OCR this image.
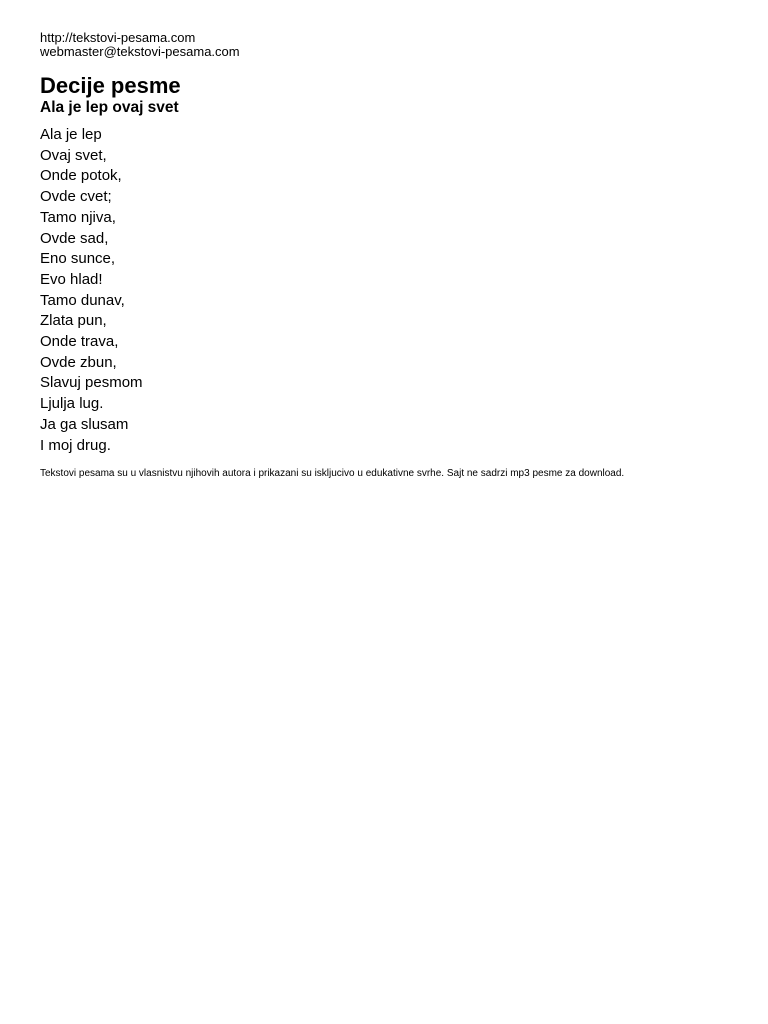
http://tekstovi-pesama.com

webmaster@tekstovi-pesama.com

Decije pesme
Ala je lep ovaj svet
Ala je lep
Ovaj svet,
Onde potok,
Ovde cvet;
Tamo njiva,
Ovde sad,
Eno sunce,
Evo hlad!
Tamo dunav,
Zlata pun,
Onde trava,
Ovde zbun,
Slavuj pesmom
Ljulja lug.
Ja ga slusam
I moj drug.

Tekstovi pesama su u vlasnistvu njihovih autora i prikazani su iskljucivo u edukativne svrhe. Sajt ne sadrzi mp3 pesme za download.
